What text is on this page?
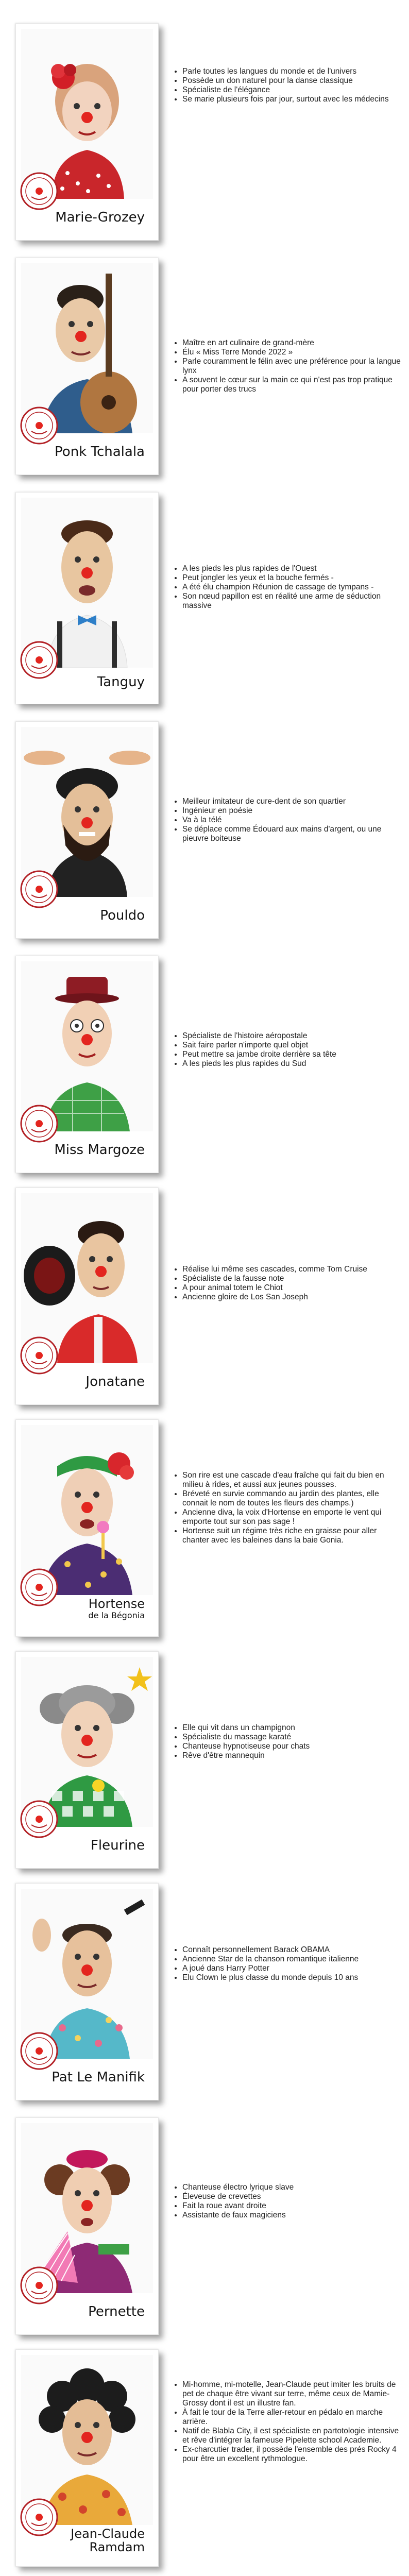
Marie-Grozey
• Parle toutes les langues du monde et de l'univers
• Possède un don naturel pour la danse classique
• Spécialiste de l'élégance
• Se marie plusieurs fois par jour, surtout avec les médecins
Ponk Tchalala
• Maître en art culinaire de grand-mère
• Élu « Miss Terre Monde 2022 »
• Parle couramment le félin avec une préférence pour la langue lynx
• A souvent le cœur sur la main ce qui n'est pas trop pratique pour porter des trucs
Tanguy
• A les pieds les plus rapides de l'Ouest
• Peut jongler les yeux et la bouche fermés -
• A été élu champion Réunion de cassage de tympans -
• Son nœud papillon est en réalité une arme de séduction massive
Pouldo
• Meilleur imitateur de cure-dent de son quartier
• Ingénieur en poésie
• Va à la télé
• Se déplace comme Édouard aux mains d'argent, ou une pieuvre boiteuse
Miss Margoze
• Spécialiste de l'histoire aéropostale
• Sait faire parler n'importe quel objet
• Peut mettre sa jambe droite derrière sa tête
• A les pieds les plus rapides du Sud
Jonatane
• Réalise lui même ses cascades, comme Tom Cruise
• Spécialiste de la fausse note
• A pour animal totem le Chiot
• Ancienne gloire de Los San Joseph
Hortense
de la Bégonia
• Son rire est une cascade d'eau fraîche qui fait du bien en milieu à rides, et aussi aux jeunes pousses.
• Bréveté en survie commando au jardin des plantes, elle connait le nom de toutes les fleurs des champs.)
• Ancienne diva, la voix d'Hortense en emporte le vent qui emporte tout sur son pas sage !
• Hortense suit un régime très riche en graisse pour aller chanter avec les baleines dans la baie Gonia.
Fleurine
• Elle qui vit dans un champignon
• Spécialiste du massage karaté
• Chanteuse hypnotiseuse pour chats
• Rêve d'être mannequin
Pat Le Manifik
• Connaît personnellement Barack OBAMA
• Ancienne Star de la chanson romantique italienne
• A joué dans Harry Potter
• Elu Clown le plus classe du monde depuis 10 ans
Pernette
• Chanteuse électro lyrique slave
• Éleveuse de crevettes
• Fait la roue avant droite
• Assistante de faux magiciens
Jean-Claude
Ramdam
• Mi-homme, mi-motelle, Jean-Claude peut imiter les bruits de pet de chaque être vivant sur terre, même ceux de Mamie-Grossy dont il est un illustre fan.
• À fait le tour de la Terre aller-retour en pédalo en marche arrière.
• Natif de Blabla City, il est spécialiste en partotologie intensive et rêve d'intégrer la fameuse Pipelette school Academie.
• Ex-charcutier trader, il possède l'ensemble des prés Rocky 4 pour être un excellent rythmologue.
